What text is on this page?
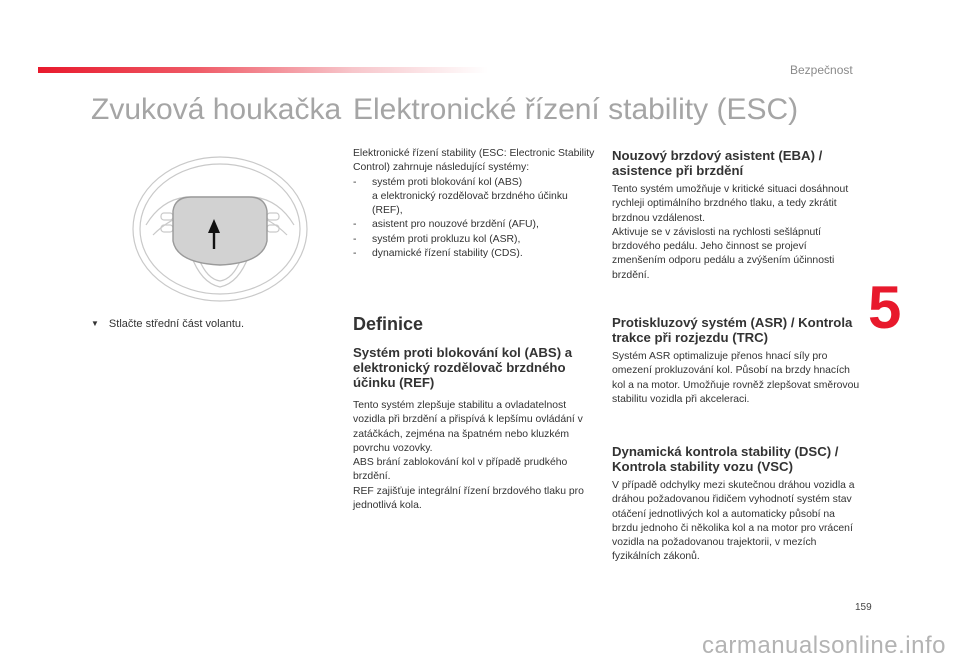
Bezpečnost
Zvuková houkačka Elektronické řízení stability (ESC)
▼ Stlačte střední část volantu.

Elektronické řízení stability (ESC: Electronic Stability Control) zahrnuje následující systémy:

- systém proti blokování kol (ABS)
a elektronický rozdělovač brzdného účinku (REF),
- asistent pro nouzové brzdění (AFU),
- systém proti prokluzu kol (ASR),
- dynamické řízení stability (CDS).
Definice
Systém proti blokování kol (ABS) a elektronický rozdělovač brzdného účinku (REF)
Tento systém zlepšuje stabilitu a ovladatelnost vozidla při brzdění a přispívá k lepšímu ovládání v zatáčkách, zejména na špatném nebo kluzkém povrchu vozovky.
ABS brání zablokování kol v případě prudkého brzdění.
REF zajišťuje integrální řízení brzdového tlaku pro jednotlivá kola.
Nouzový brzdový asistent (EBA) / asistence při brzdění
Tento systém umožňuje v kritické situaci dosáhnout rychleji optimálního brzdného tlaku, a tedy zkrátit brzdnou vzdálenost.
Aktivuje se v závislosti na rychlosti sešlápnutí brzdového pedálu. Jeho činnost se projeví zmenšením odporu pedálu a zvýšením účinnosti brzdění.
Protiskluzový systém (ASR) / Kontrola trakce při rozjezdu (TRC)
Systém ASR optimalizuje přenos hnací síly pro omezení prokluzování kol. Působí na brzdy hnacích kol a na motor. Umožňuje rovněž zlepšovat směrovou stabilitu vozidla při akceleraci.
Dynamická kontrola stability (DSC) / Kontrola stability vozu (VSC)
V případě odchylky mezi skutečnou dráhou vozidla a dráhou požadovanou řidičem vyhodnotí systém stav otáčení jednotlivých kol a automaticky působí na brzdu jednoho či několika kol a na motor pro vrácení vozidla na požadovanou trajektorii, v mezích fyzikálních zákonů.
5
159
carmanualsonline.info
